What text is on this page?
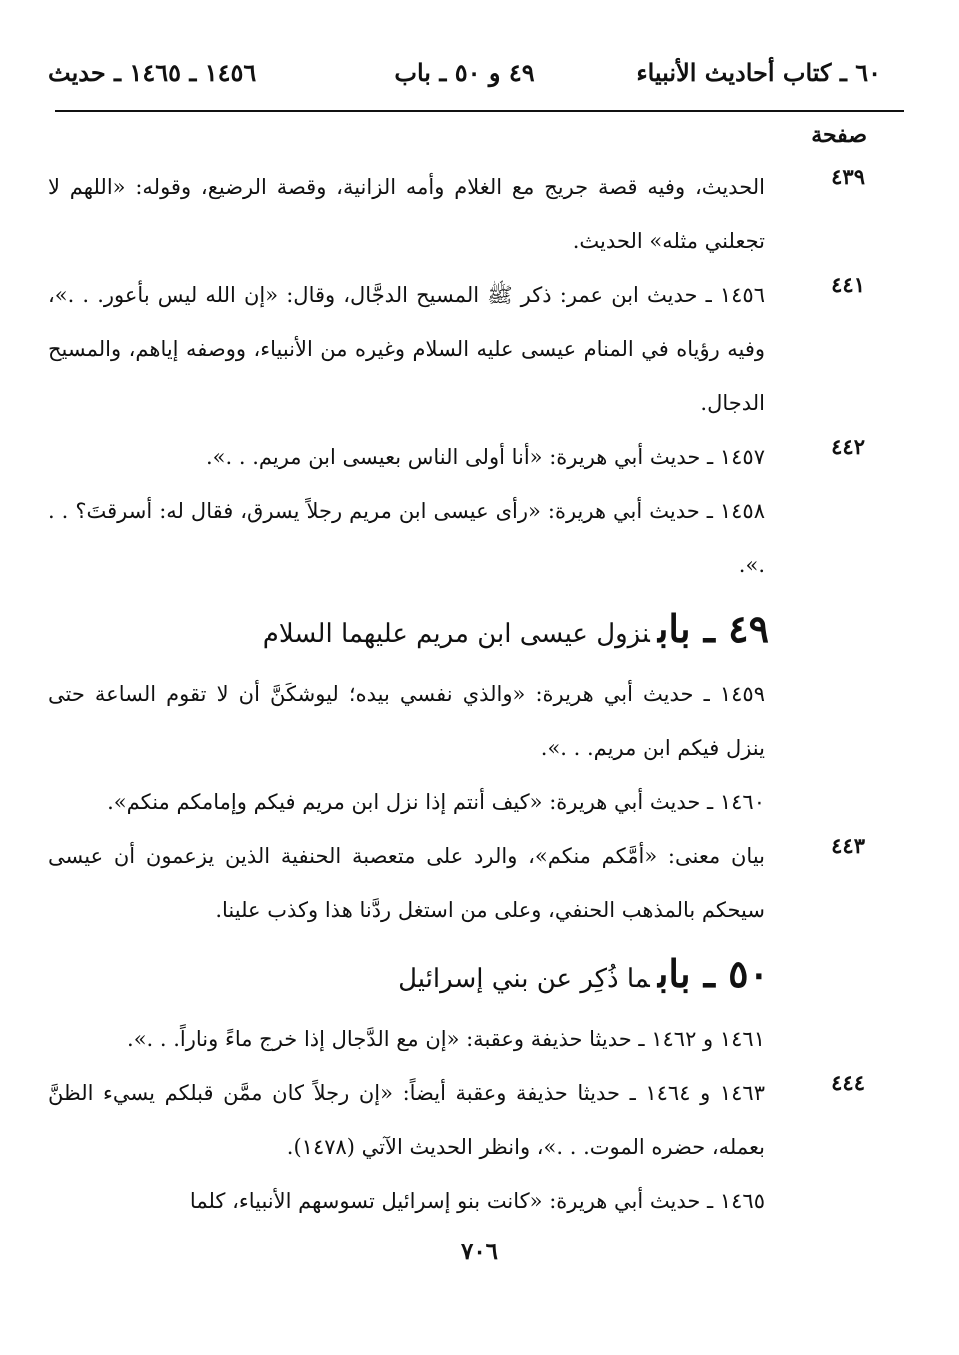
٦٠ ـ كتاب أحاديث الأنبياء
٤٩ و ٥٠ ـ باب
١٤٥٦ ـ ١٤٦٥ ـ حديث
صفحة
٤٣٩

الحديث، وفيه قصة جريج مع الغلام وأمه الزانية، وقصة الرضيع، وقوله: «اللهم لا تجعلني مثله» الحديث.

٤٤١

١٤٥٦ ـ حديث ابن عمر: ذكر ﷺ المسيح الدجَّال، وقال: «إن الله ليس بأعور. . .»، وفيه رؤياه في المنام عيسى عليه السلام وغيره من الأنبياء، ووصفه إياهم، والمسيح الدجال.

٤٤٢

١٤٥٧ ـ حديث أبي هريرة: «أنا أولى الناس بعيسى ابن مريم. . .».

١٤٥٨ ـ حديث أبي هريرة: «رأى عيسى ابن مريم رجلاً يسرق، فقال له: أسرقتَ؟ . . .».

٤٩ ـ بابنزول عيسى ابن مريم عليهما السلام

١٤٥٩ ـ حديث أبي هريرة: «والذي نفسي بيده؛ ليوشكَنَّ أن لا تقوم الساعة حتى ينزل فيكم ابن مريم. . .».

١٤٦٠ ـ حديث أبي هريرة: «كيف أنتم إذا نزل ابن مريم فيكم وإمامكم منكم».

٤٤٣

بيان معنى: «أمَّكم منكم»، والرد على متعصبة الحنفية الذين يزعمون أن عيسى سيحكم بالمذهب الحنفي، وعلى من استغل ردَّنا هذا وكذب علينا.

٥٠ ـ بابما ذُكِر عن بني إسرائيل

١٤٦١ و ١٤٦٢ ـ حديثا حذيفة وعقبة: «إن مع الدَّجال إذا خرج ماءً وناراً. . .».

٤٤٤

١٤٦٣ و ١٤٦٤ ـ حديثا حذيفة وعقبة أيضاً: «إن رجلاً كان ممَّن قبلكم يسيء الظنَّ بعمله، حضره الموت. . .»، وانظر الحديث الآتي (١٤٧٨).

١٤٦٥ ـ حديث أبي هريرة: «كانت بنو إسرائيل تسوسهم الأنبياء، كلما

٧٠٦
